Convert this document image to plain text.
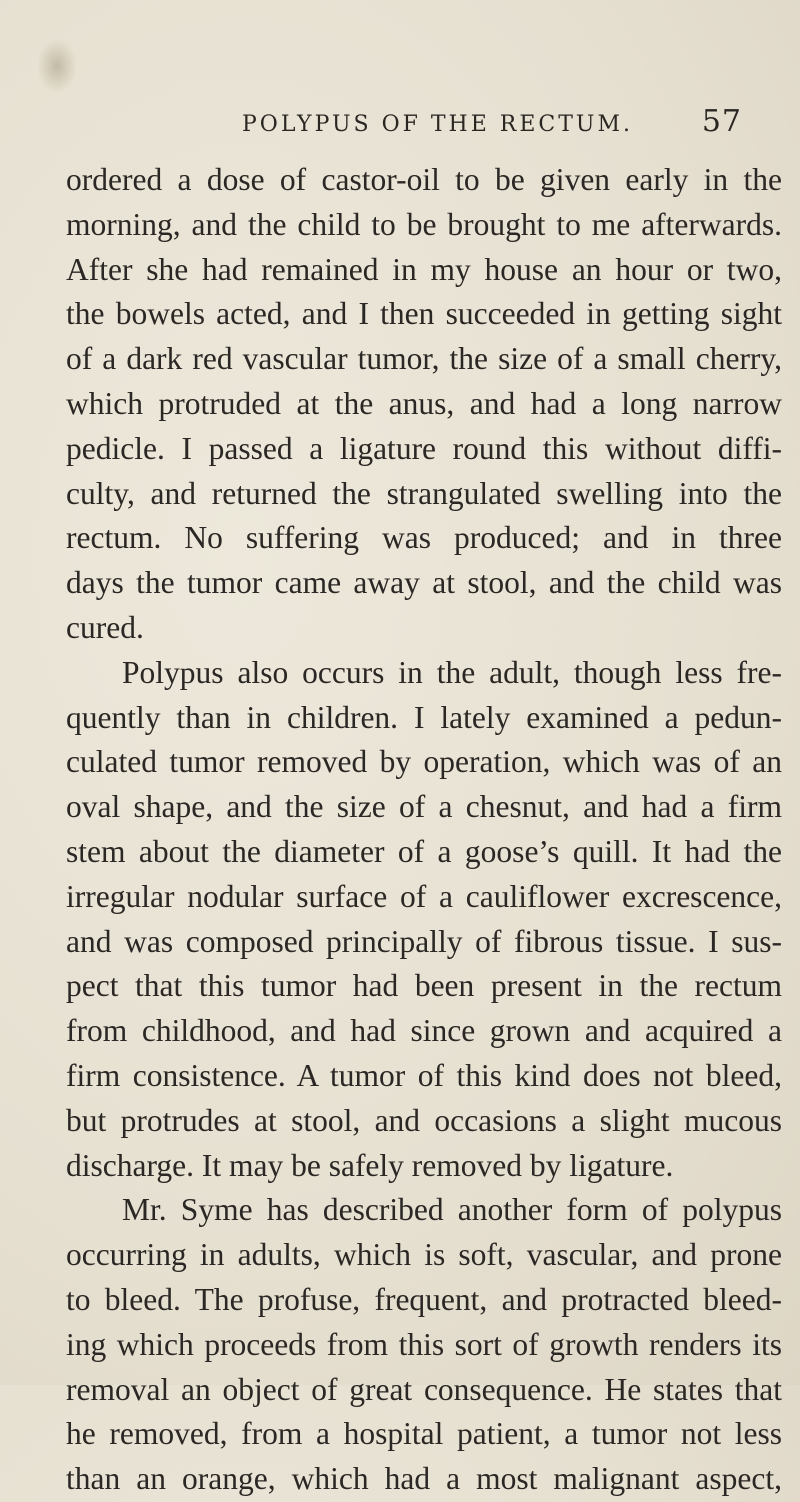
POLYPUS OF THE RECTUM. 57
ordered a dose of castor-oil to be given early in the
morning, and the child to be brought to me afterwards.
After she had remained in my house an hour or two,
the bowels acted, and I then succeeded in getting sight
of a dark red vascular tumor, the size of a small cherry,
which protruded at the anus, and had a long narrow
pedicle. I passed a ligature round this without diffi-
culty, and returned the strangulated swelling into the
rectum. No suffering was produced; and in three
days the tumor came away at stool, and the child was
cured.
Polypus also occurs in the adult, though less fre-
quently than in children. I lately examined a pedun-
culated tumor removed by operation, which was of an
oval shape, and the size of a chesnut, and had a firm
stem about the diameter of a goose’s quill. It had the
irregular nodular surface of a cauliflower excrescence,
and was composed principally of fibrous tissue. I sus-
pect that this tumor had been present in the rectum
from childhood, and had since grown and acquired a
firm consistence. A tumor of this kind does not bleed,
but protrudes at stool, and occasions a slight mucous
discharge. It may be safely removed by ligature.
Mr. Syme has described another form of polypus
occurring in adults, which is soft, vascular, and prone
to bleed. The profuse, frequent, and protracted bleed-
ing which proceeds from this sort of growth renders its
removal an object of great consequence. He states that
he removed, from a hospital patient, a tumor not less
than an orange, which had a most malignant aspect,
